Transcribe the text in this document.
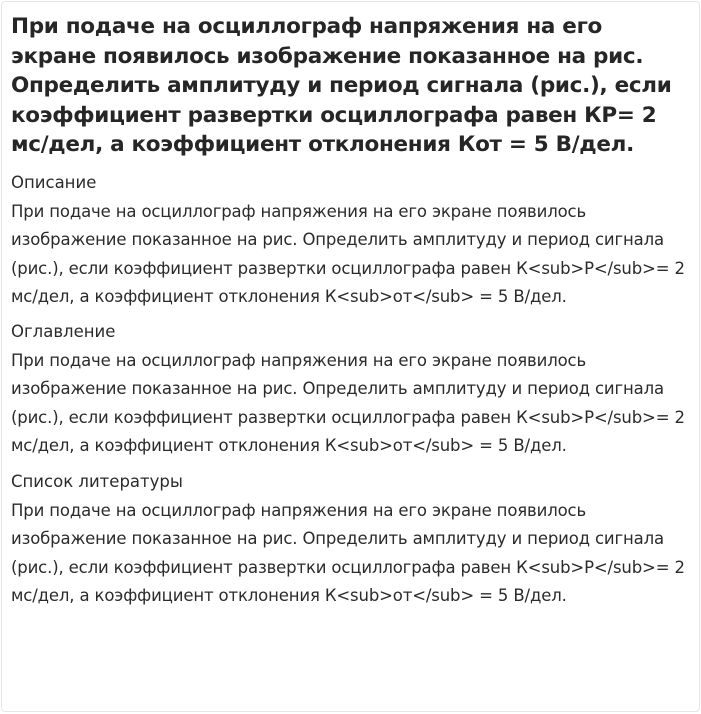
При подаче на осциллограф напряжения на его экране появилось изображение показанное на рис. Определить амплитуду и период сигнала (рис.), если коэффициент развертки осциллографа равен КР= 2 мс/дел, а коэффициент отклонения Кот = 5 В/дел.

Описание

При подаче на осциллограф напряжения на его экране появилось изображение показанное на рис. Определить амплитуду и период сигнала (рис.), если коэффициент развертки осциллографа равен К<sub>Р</sub>= 2 мс/дел, а коэффициент отклонения К<sub>от</sub> = 5 В/дел.

Оглавление

При подаче на осциллограф напряжения на его экране появилось изображение показанное на рис. Определить амплитуду и период сигнала (рис.), если коэффициент развертки осциллографа равен К<sub>Р</sub>= 2 мс/дел, а коэффициент отклонения К<sub>от</sub> = 5 В/дел.

Список литературы

При подаче на осциллограф напряжения на его экране появилось изображение показанное на рис. Определить амплитуду и период сигнала (рис.), если коэффициент развертки осциллографа равен К<sub>Р</sub>= 2 мс/дел, а коэффициент отклонения К<sub>от</sub> = 5 В/дел.
